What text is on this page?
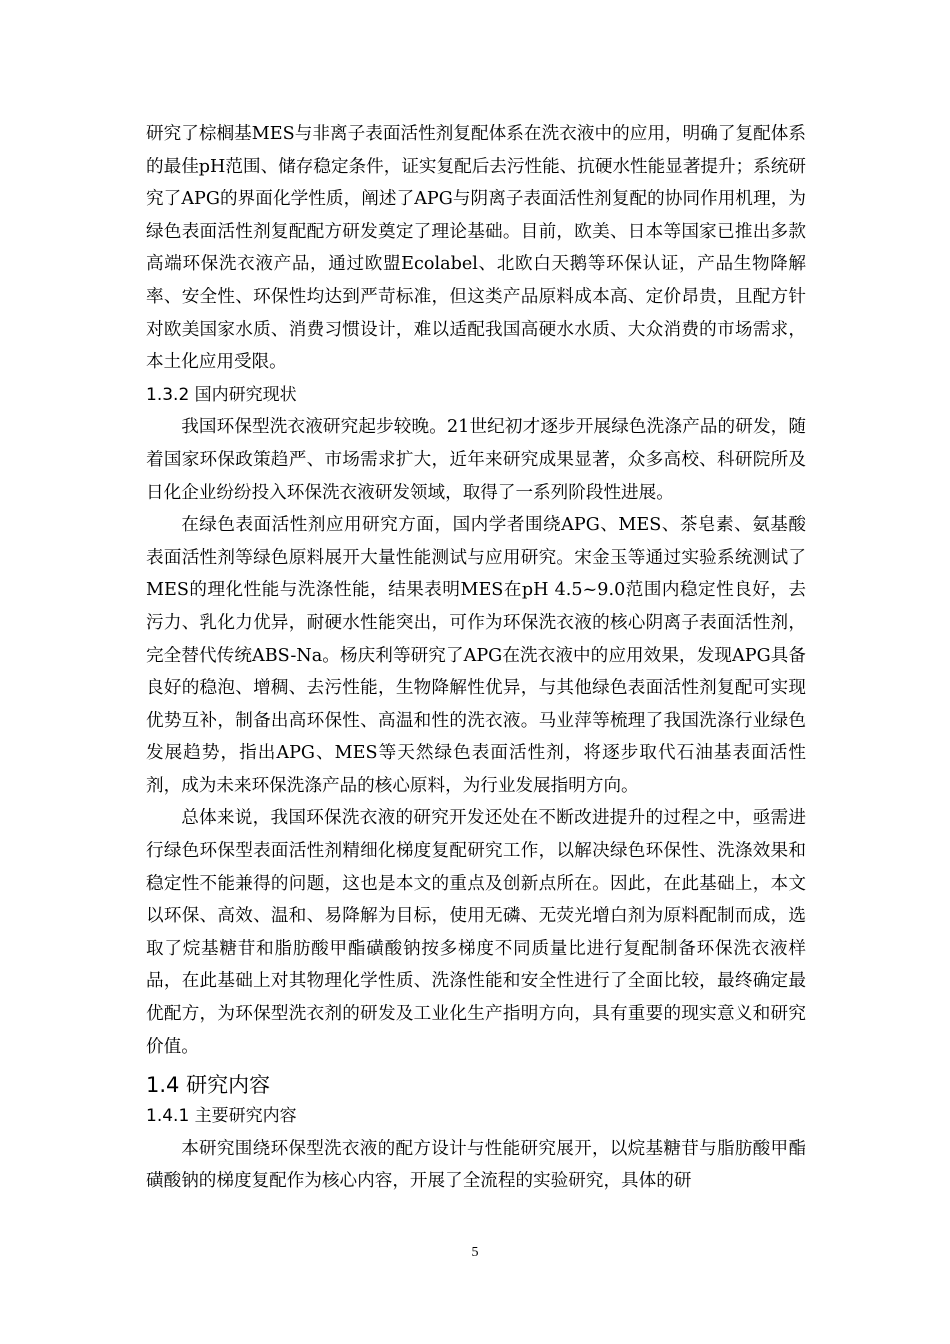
研究了棕榈基MES与非离子表面活性剂复配体系在洗衣液中的应用，明确了复配体系的最佳pH范围、储存稳定条件，证实复配后去污性能、抗硬水性能显著提升；系统研究了APG的界面化学性质，阐述了APG与阴离子表面活性剂复配的协同作用机理，为绿色表面活性剂复配配方研发奠定了理论基础。目前，欧美、日本等国家已推出多款高端环保洗衣液产品，通过欧盟Ecolabel、北欧白天鹅等环保认证，产品生物降解率、安全性、环保性均达到严苛标准，但这类产品原料成本高、定价昂贵，且配方针对欧美国家水质、消费习惯设计，难以适配我国高硬水水质、大众消费的市场需求，本土化应用受限。

1.3.2 国内研究现状

我国环保型洗衣液研究起步较晚。21世纪初才逐步开展绿色洗涤产品的研发，随着国家环保政策趋严、市场需求扩大，近年来研究成果显著，众多高校、科研院所及日化企业纷纷投入环保洗衣液研发领域，取得了一系列阶段性进展。

在绿色表面活性剂应用研究方面，国内学者围绕APG、MES、茶皂素、氨基酸表面活性剂等绿色原料展开大量性能测试与应用研究。宋金玉等通过实验系统测试了MES的理化性能与洗涤性能，结果表明MES在pH 4.5~9.0范围内稳定性良好，去污力、乳化力优异，耐硬水性能突出，可作为环保洗衣液的核心阴离子表面活性剂，完全替代传统ABS-Na。杨庆利等研究了APG在洗衣液中的应用效果，发现APG具备良好的稳泡、增稠、去污性能，生物降解性优异，与其他绿色表面活性剂复配可实现优势互补，制备出高环保性、高温和性的洗衣液。马业萍等梳理了我国洗涤行业绿色发展趋势，指出APG、MES等天然绿色表面活性剂，将逐步取代石油基表面活性剂，成为未来环保洗涤产品的核心原料，为行业发展指明方向。

总体来说，我国环保洗衣液的研究开发还处在不断改进提升的过程之中，亟需进行绿色环保型表面活性剂精细化梯度复配研究工作，以解决绿色环保性、洗涤效果和稳定性不能兼得的问题，这也是本文的重点及创新点所在。因此，在此基础上，本文以环保、高效、温和、易降解为目标，使用无磷、无荧光增白剂为原料配制而成，选取了烷基糖苷和脂肪酸甲酯磺酸钠按多梯度不同质量比进行复配制备环保洗衣液样品，在此基础上对其物理化学性质、洗涤性能和安全性进行了全面比较，最终确定最优配方，为环保型洗衣剂的研发及工业化生产指明方向，具有重要的现实意义和研究价值。

1.4 研究内容
1.4.1 主要研究内容

本研究围绕环保型洗衣液的配方设计与性能研究展开，以烷基糖苷与脂肪酸甲酯磺酸钠的梯度复配作为核心内容，开展了全流程的实验研究，具体的研

5
